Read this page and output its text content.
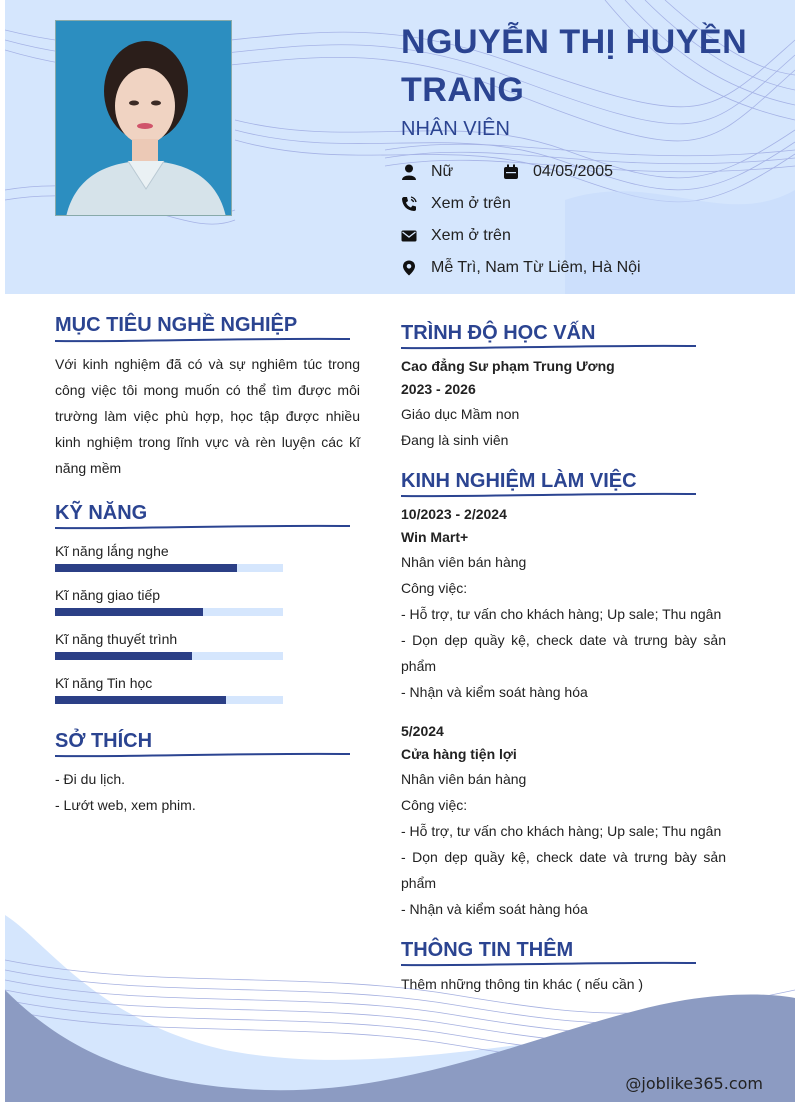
NGUYỄN THỊ HUYỀN TRANG
NHÂN VIÊN
Nữ	04/05/2005
Xem ở trên
Xem ở trên
Mễ Trì, Nam Từ Liêm, Hà Nội
MỤC TIÊU NGHỀ NGHIỆP
Với kinh nghiệm đã có và sự nghiêm túc trong công việc tôi mong muốn có thể tìm được môi trường làm việc phù hợp, học tập được nhiều kinh nghiệm trong lĩnh vực và rèn luyện các kĩ năng mềm
KỸ NĂNG
Kĩ năng lắng nghe
Kĩ năng giao tiếp
Kĩ năng thuyết trình
Kĩ năng Tin học
SỞ THÍCH
- Đi du lịch.
- Lướt web, xem phim.
TRÌNH ĐỘ HỌC VẤN
Cao đẳng Sư phạm Trung Ương
2023 - 2026
Giáo dục Mầm non
Đang là sinh viên
KINH NGHIỆM LÀM VIỆC
10/2023 - 2/2024
Win Mart+
Nhân viên bán hàng
Công việc:
- Hỗ trợ, tư vấn cho khách hàng; Up sale; Thu ngân
- Dọn dẹp quầy kệ, check date và trưng bày sản phẩm
- Nhận và kiểm soát hàng hóa
5/2024
Cửa hàng tiện lợi
Nhân viên bán hàng
Công việc:
- Hỗ trợ, tư vấn cho khách hàng; Up sale; Thu ngân
- Dọn dẹp quầy kệ, check date và trưng bày sản phẩm
- Nhận và kiểm soát hàng hóa
THÔNG TIN THÊM
Thêm những thông tin khác ( nếu cần )
@joblike365.com
